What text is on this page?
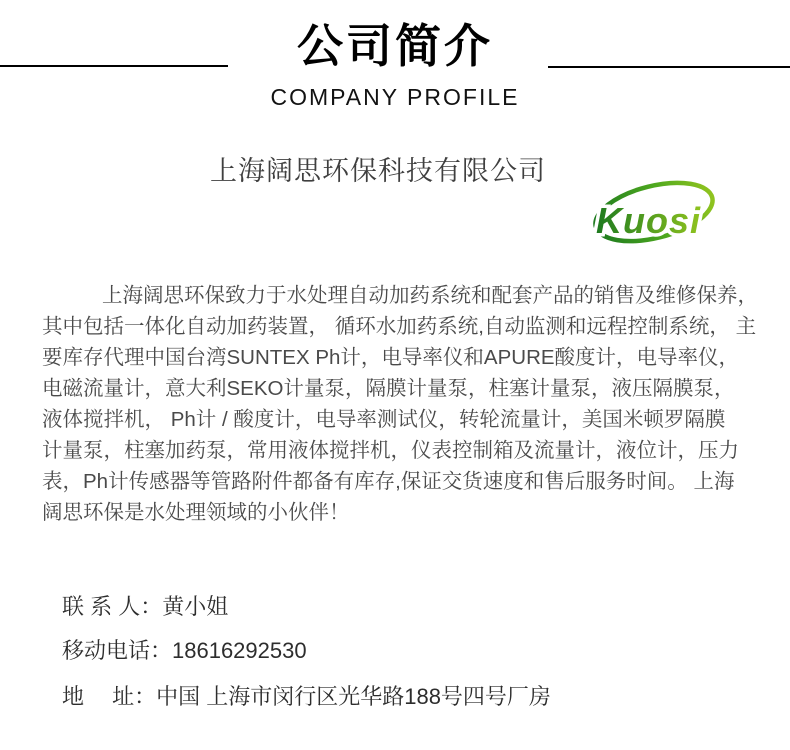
公司简介
COMPANY PROFILE
上海阔思环保科技有限公司
Kuosi
上海阔思环保致力于水处理自动加药系统和配套产品的销售及维修保养，
其中包括一体化自动加药装置， 循环水加药系统,自动监测和远程控制系统， 主
要库存代理中国台湾SUNTEX Ph计，电导率仪和APURE酸度计，电导率仪，
电磁流量计，意大利SEKO计量泵，隔膜计量泵，柱塞计量泵，液压隔膜泵，
液体搅拌机， Ph计 / 酸度计，电导率测试仪，转轮流量计，美国米顿罗隔膜
计量泵，柱塞加药泵，常用液体搅拌机，仪表控制箱及流量计，液位计，压力
表，Ph计传感器等管路附件都备有库存,保证交货速度和售后服务时间。 上海
阔思环保是水处理领域的小伙伴！
联 系 人：黄小姐
移动电话：18616292530
地　 址：中国 上海市闵行区光华路188号四号厂房
